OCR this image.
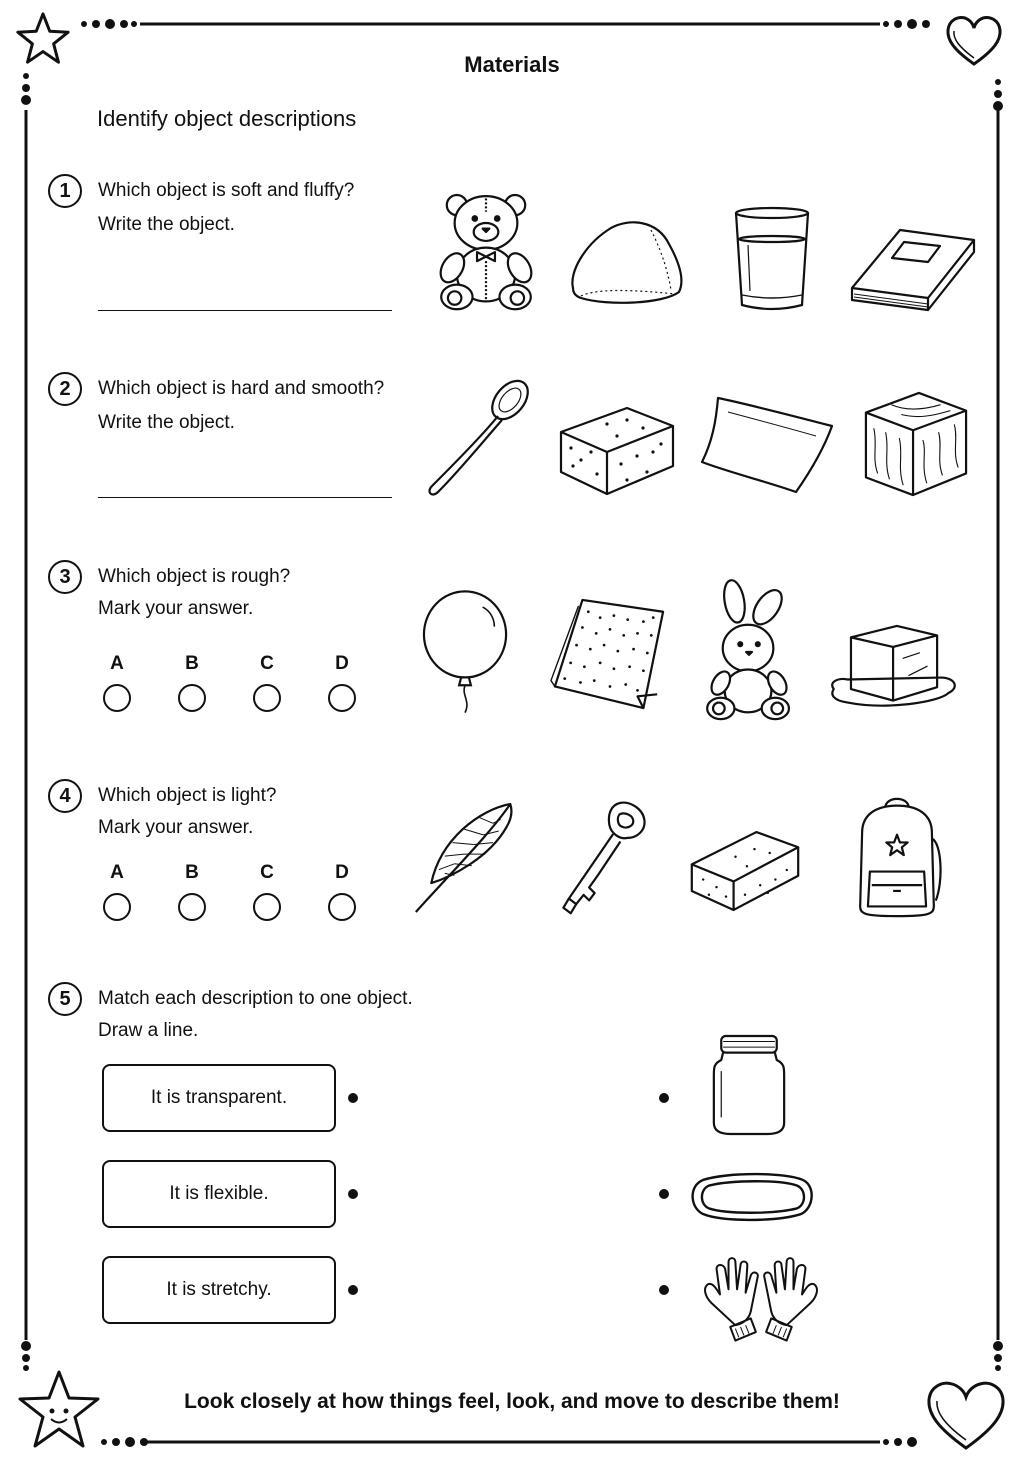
Materials
Identify object descriptions
1	Which object is soft and fluffy?
Write the object.
2	Which object is hard and smooth?
Write the object.
3	Which object is rough?
Mark your answer.
A	B	C	D
4	Which object is light?
Mark your answer.
A	B	C	D
5	Match each description to one object.
Draw a line.
It is transparent.
It is flexible.
It is stretchy.
Look closely at how things feel, look, and move to describe them!
